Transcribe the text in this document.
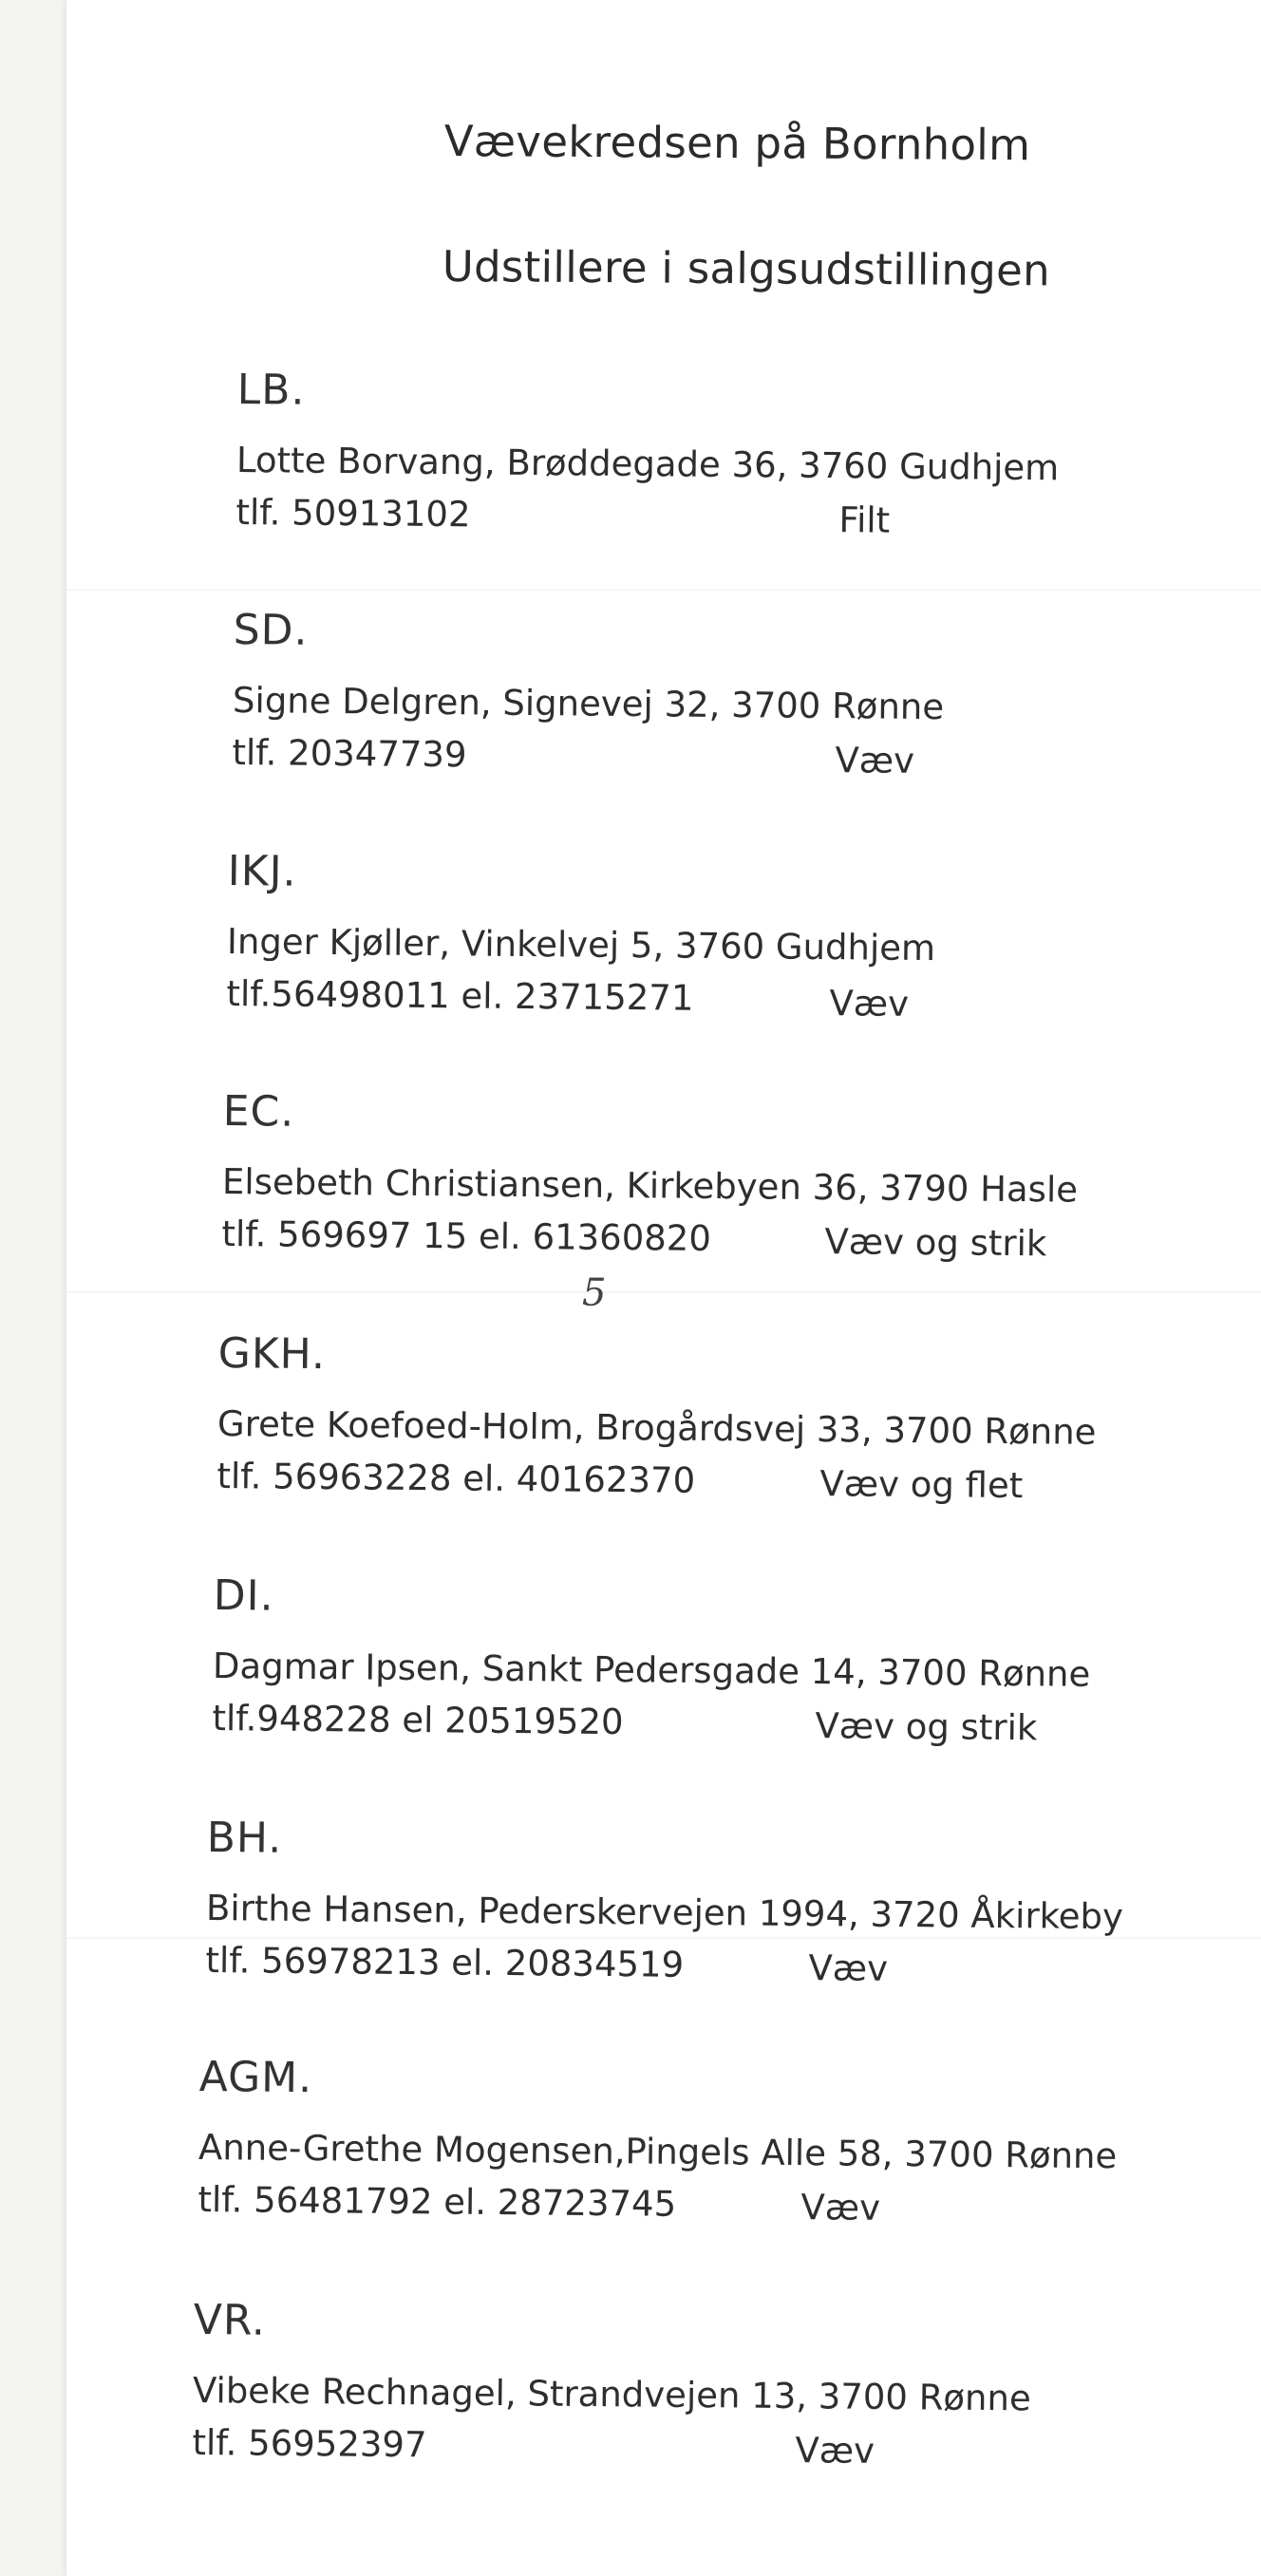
Vævekredsen på Bornholm
Udstillere i salgsudstillingen
LB.
Lotte Borvang, Brøddegade 36, 3760 Gudhjem
tlf. 50913102	Filt
SD.
Signe Delgren, Signevej 32, 3700 Rønne
tlf. 20347739	Væv
IKJ.
Inger Kjøller, Vinkelvej 5, 3760 Gudhjem
tlf.56498011 el. 23715271	Væv
EC.
Elsebeth Christiansen, Kirkebyen 36, 3790 Hasle
tlf. 569697 15 el. 61360820	Væv og strik
5
GKH.
Grete Koefoed-Holm, Brogårdsvej 33, 3700 Rønne
tlf. 56963228 el. 40162370	Væv og flet
DI.
Dagmar Ipsen, Sankt Pedersgade 14, 3700 Rønne
tlf.948228 el 20519520	Væv og strik
BH.
Birthe Hansen, Pederskervejen 1994, 3720 Åkirkeby
tlf. 56978213 el. 20834519	Væv
AGM.
Anne-Grethe Mogensen,Pingels Alle 58, 3700 Rønne
tlf. 56481792 el. 28723745	Væv
VR.
Vibeke Rechnagel, Strandvejen 13, 3700 Rønne
tlf. 56952397	Væv
